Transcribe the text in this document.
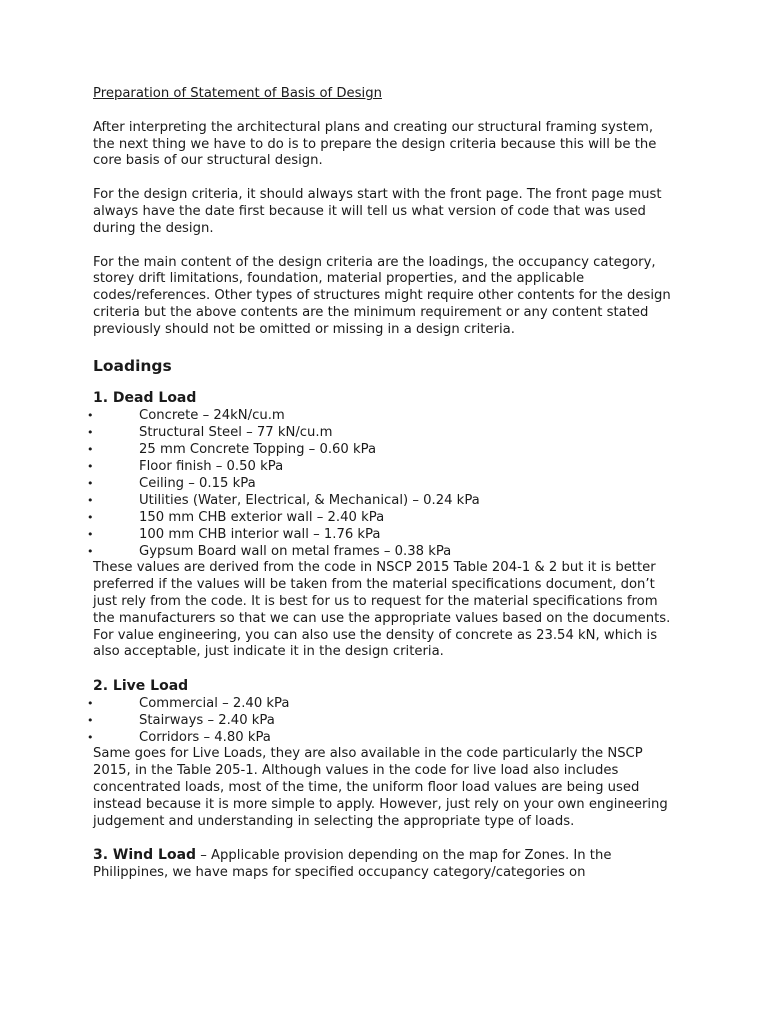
Preparation of Statement of Basis of Design

After interpreting the architectural plans and creating our structural framing system, the next thing we have to do is to prepare the design criteria because this will be the core basis of our structural design.

For the design criteria, it should always start with the front page. The front page must always have the date first because it will tell us what version of code that was used during the design.

For the main content of the design criteria are the loadings, the occupancy category, storey drift limitations, foundation, material properties, and the applicable codes/references. Other types of structures might require other contents for the design criteria but the above contents are the minimum requirement or any content stated previously should not be omitted or missing in a design criteria.

Loadings
1. Dead Load
•	Concrete – 24kN/cu.m
•	Structural Steel – 77 kN/cu.m
•	25 mm Concrete Topping – 0.60 kPa
•	Floor finish – 0.50 kPa
•	Ceiling – 0.15 kPa
•	Utilities (Water, Electrical, & Mechanical) – 0.24 kPa
•	150 mm CHB exterior wall – 2.40 kPa
•	100 mm CHB interior wall – 1.76 kPa
•	Gypsum Board wall on metal frames – 0.38 kPa
These values are derived from the code in NSCP 2015 Table 204-1 & 2 but it is better preferred if the values will be taken from the material specifications document, don’t just rely from the code. It is best for us to request for the material specifications from the manufacturers so that we can use the appropriate values based on the documents. For value engineering, you can also use the density of concrete as 23.54 kN, which is also acceptable, just indicate it in the design criteria.
2. Live Load
•	Commercial – 2.40 kPa
•	Stairways – 2.40 kPa
•	Corridors – 4.80 kPa
Same goes for Live Loads, they are also available in the code particularly the NSCP 2015, in the Table 205-1. Although values in the code for live load also includes concentrated loads, most of the time, the uniform floor load values are being used instead because it is more simple to apply. However, just rely on your own engineering judgement and understanding in selecting the appropriate type of loads.
3. Wind Load – Applicable provision depending on the map for Zones. In the Philippines, we have maps for specified occupancy category/categories on
